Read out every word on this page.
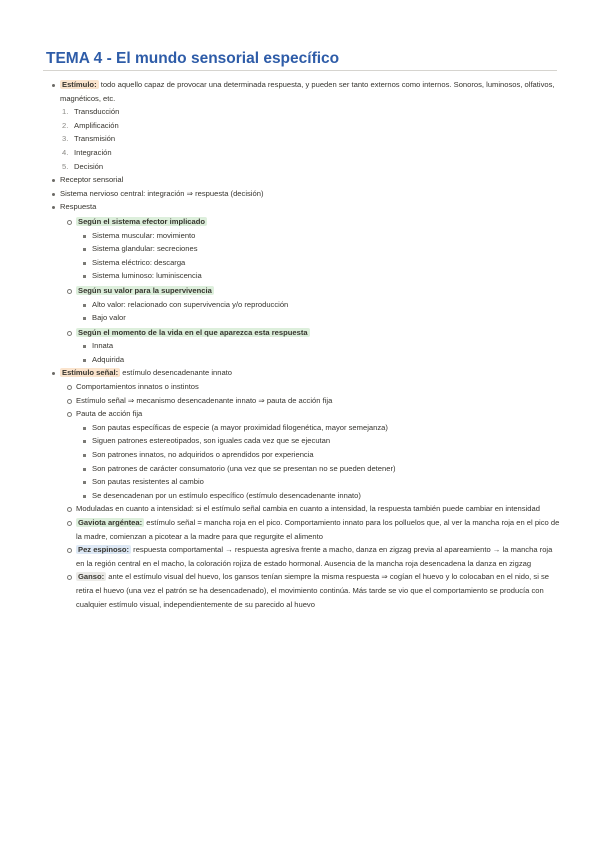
TEMA 4 - El mundo sensorial específico
Estímulo: todo aquello capaz de provocar una determinada respuesta, y pueden ser tanto externos como internos. Sonoros, luminosos, olfativos, magnéticos, etc.
1. Transducción
2. Amplificación
3. Transmisión
4. Integración
5. Decisión
Receptor sensorial
Sistema nervioso central: integración ⇒ respuesta (decisión)
Respuesta
Según el sistema efector implicado
Sistema muscular: movimiento
Sistema glandular: secreciones
Sistema eléctrico: descarga
Sistema luminoso: luminiscencia
Según su valor para la supervivencia
Alto valor: relacionado con supervivencia y/o reproducción
Bajo valor
Según el momento de la vida en el que aparezca esta respuesta
Innata
Adquirida
Estímulo señal: estímulo desencadenante innato
Comportamientos innatos o instintos
Estímulo señal ⇒ mecanismo desencadenante innato ⇒ pauta de acción fija
Pauta de acción fija
Son pautas específicas de especie (a mayor proximidad filogenética, mayor semejanza)
Siguen patrones estereotipados, son iguales cada vez que se ejecutan
Son patrones innatos, no adquiridos o aprendidos por experiencia
Son patrones de carácter consumatorio (una vez que se presentan no se pueden detener)
Son pautas resistentes al cambio
Se desencadenan por un estímulo específico (estímulo desencadenante innato)
Moduladas en cuanto a intensidad: si el estímulo señal cambia en cuanto a intensidad, la respuesta también puede cambiar en intensidad
Gaviota argéntea: estímulo señal = mancha roja en el pico. Comportamiento innato para los polluelos que, al ver la mancha roja en el pico de la madre, comienzan a picotear a la madre para que regurgite el alimento
Pez espinoso: respuesta comportamental → respuesta agresiva frente a macho, danza en zigzag previa al apareamiento → la mancha roja en la región central en el macho, la coloración rojiza de estado hormonal. Ausencia de la mancha roja desencadena la danza en zigzag
Ganso: ante el estímulo visual del huevo, los gansos tenían siempre la misma respuesta ⇒ cogían el huevo y lo colocaban en el nido, si se retira el huevo (una vez el patrón se ha desencadenado), el movimiento continúa. Más tarde se vio que el comportamiento se producía con cualquier estímulo visual, independientemente de su parecido al huevo
